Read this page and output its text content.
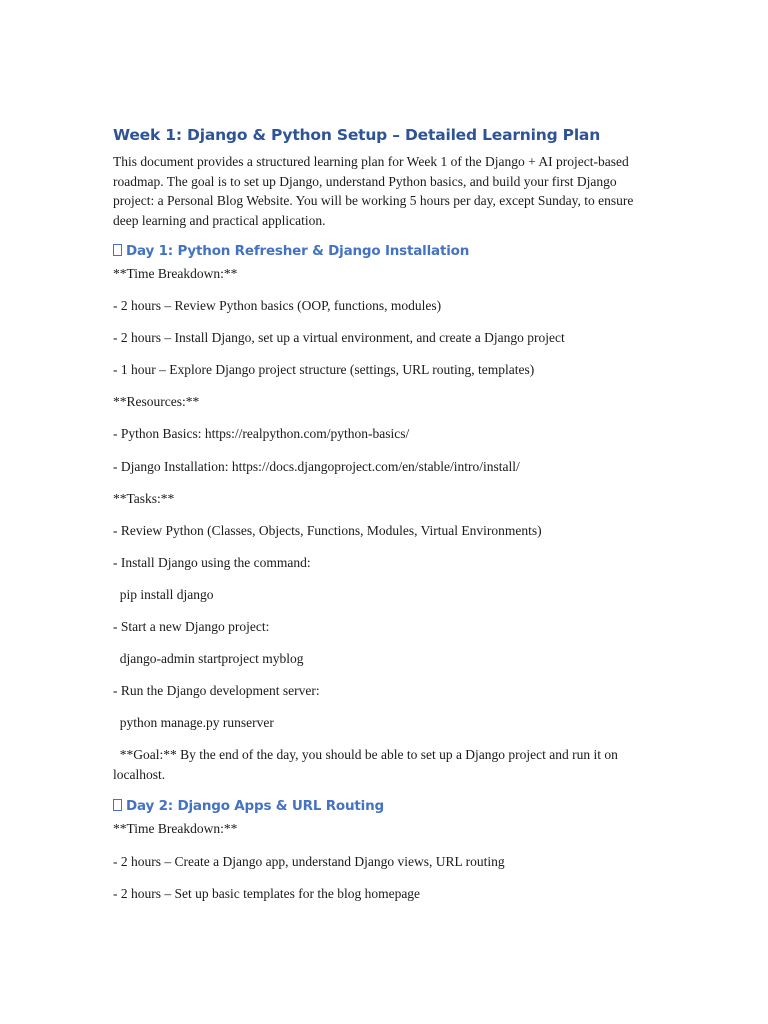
Week 1: Django & Python Setup – Detailed Learning Plan

This document provides a structured learning plan for Week 1 of the Django + AI project-based roadmap. The goal is to set up Django, understand Python basics, and build your first Django project: a Personal Blog Website. You will be working 5 hours per day, except Sunday, to ensure deep learning and practical application.

Day 1: Python Refresher & Django Installation
**Time Breakdown:**
- 2 hours – Review Python basics (OOP, functions, modules)
- 2 hours – Install Django, set up a virtual environment, and create a Django project
- 1 hour – Explore Django project structure (settings, URL routing, templates)
**Resources:**
- Python Basics: https://realpython.com/python-basics/
- Django Installation: https://docs.djangoproject.com/en/stable/intro/install/
**Tasks:**
- Review Python (Classes, Objects, Functions, Modules, Virtual Environments)
- Install Django using the command:
pip install django
- Start a new Django project:
django-admin startproject myblog
- Run the Django development server:
python manage.py runserver
**Goal:** By the end of the day, you should be able to set up a Django project and run it on localhost.
Day 2: Django Apps & URL Routing
**Time Breakdown:**
- 2 hours – Create a Django app, understand Django views, URL routing
- 2 hours – Set up basic templates for the blog homepage
